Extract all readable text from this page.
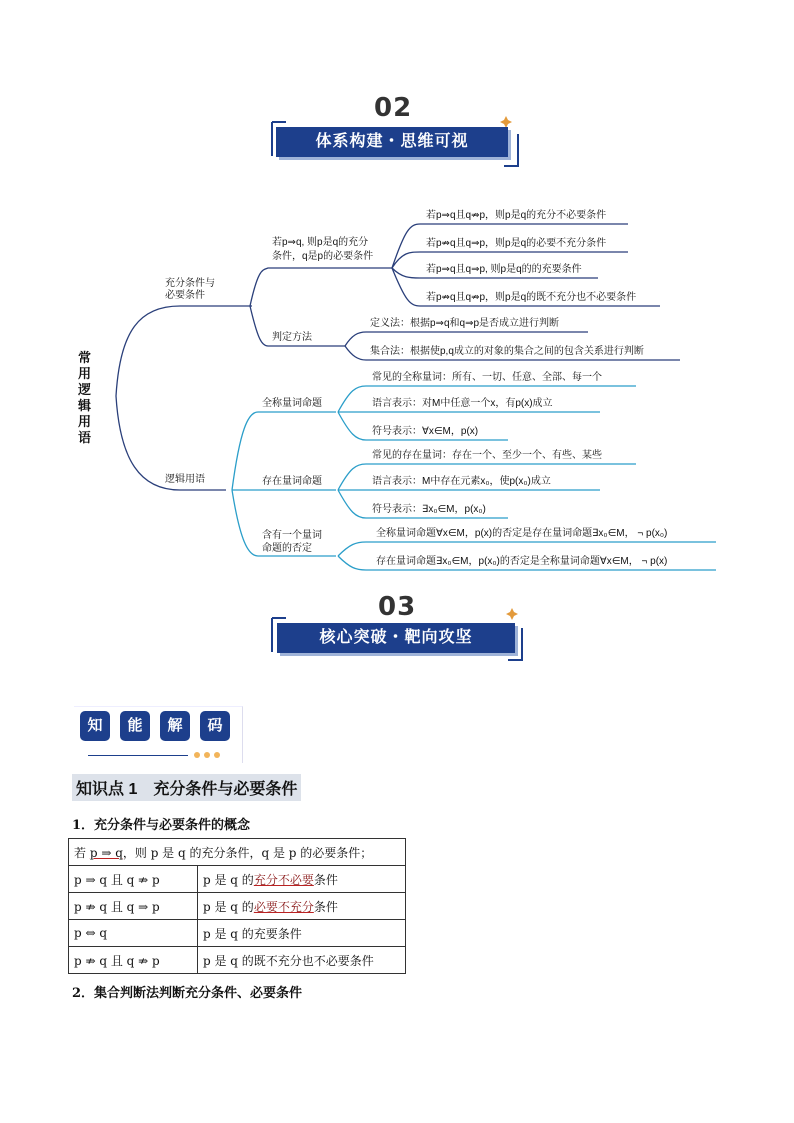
02
体系构建・思维可视
常用逻辑用语
充分条件与
必要条件
若p⇒q, 则p是q的充分
条件，q是p的必要条件
若p⇒q且q⇏p，则p是q的充分不必要条件
若p⇏q且q⇒p，则p是q的必要不充分条件
若p⇒q且q⇒p, 则p是q的的充要条件
若p⇏q且q⇏p，则p是q的既不充分也不必要条件
判定方法
定义法：根据p⇒q和q⇒p是否成立进行判断
集合法：根据使p,q成立的对象的集合之间的包含关系进行判断
逻辑用语
全称量词命题
常见的全称量词：所有、一切、任意、全部、每一个
语言表示：对M中任意一个x，有p(x)成立
符号表示：∀x∈M，p(x)
存在量词命题
常见的存在量词：存在一个、至少一个、有些、某些
语言表示：M中存在元素x₀，使p(x₀)成立
符号表示：∃x₀∈M，p(x₀)
含有一个量词
命题的否定
全称量词命题∀x∈M，p(x)的否定是存在量词命题∃x₀∈M， ¬ p(x₀)
存在量词命题∃x₀∈M，p(x₀)的否定是全称量词命题∀x∈M， ¬ p(x)
03
核心突破・靶向攻坚
知	能	解	码
知识点 1　充分条件与必要条件
1．充分条件与必要条件的概念
若 p ⇒ q，则 p 是 q 的充分条件，q 是 p 的必要条件；	
p ⇒ q 且 q ⇏ p	p 是 q 的充分不必要条件
p ⇏ q 且 q ⇒ p	p 是 q 的必要不充分条件
p ⇔ q	p 是 q 的充要条件
p ⇏ q 且 q ⇏ p	p 是 q 的既不充分也不必要条件
2．集合判断法判断充分条件、必要条件
